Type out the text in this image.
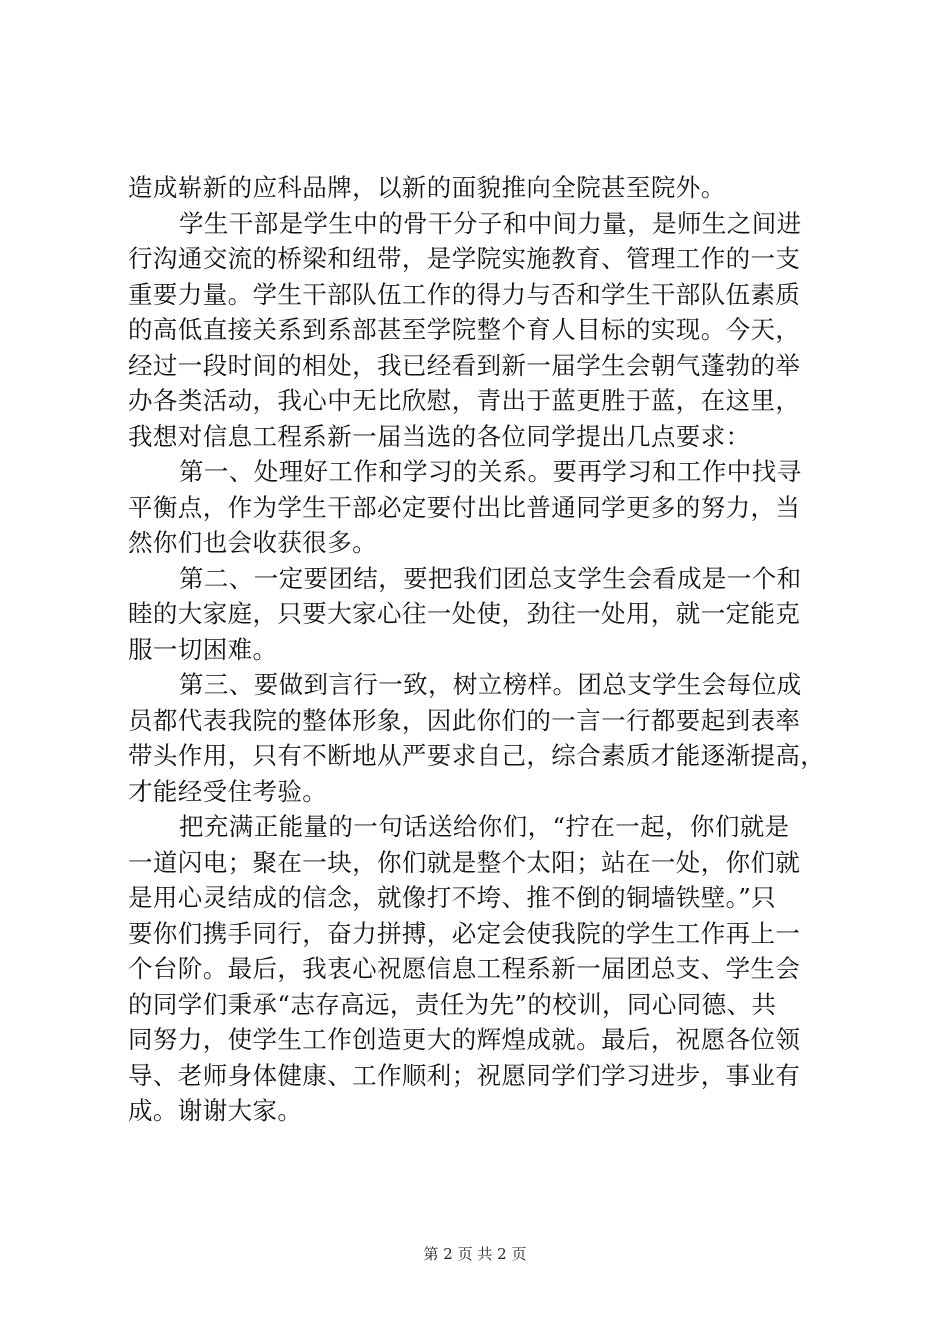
造成崭新的应科品牌，以新的面貌推向全院甚至院外。
学生干部是学生中的骨干分子和中间力量，是师生之间进
行沟通交流的桥梁和纽带，是学院实施教育、管理工作的一支
重要力量。学生干部队伍工作的得力与否和学生干部队伍素质
的高低直接关系到系部甚至学院整个育人目标的实现。今天，
经过一段时间的相处，我已经看到新一届学生会朝气蓬勃的举
办各类活动，我心中无比欣慰，青出于蓝更胜于蓝，在这里，
我想对信息工程系新一届当选的各位同学提出几点要求：
第一、处理好工作和学习的关系。要再学习和工作中找寻
平衡点，作为学生干部必定要付出比普通同学更多的努力，当
然你们也会收获很多。
第二、一定要团结，要把我们团总支学生会看成是一个和
睦的大家庭，只要大家心往一处使，劲往一处用，就一定能克
服一切困难。
第三、要做到言行一致，树立榜样。团总支学生会每位成
员都代表我院的整体形象，因此你们的一言一行都要起到表率
带头作用，只有不断地从严要求自己，综合素质才能逐渐提高，
才能经受住考验。
把充满正能量的一句话送给你们，“拧在一起，你们就是
一道闪电；聚在一块，你们就是整个太阳；站在一处，你们就
是用心灵结成的信念，就像打不垮、推不倒的铜墙铁壁。”只
要你们携手同行，奋力拼搏，必定会使我院的学生工作再上一
个台阶。最后，我衷心祝愿信息工程系新一届团总支、学生会
的同学们秉承“志存高远，责任为先”的校训，同心同德、共
同努力，使学生工作创造更大的辉煌成就。最后，祝愿各位领
导、老师身体健康、工作顺利；祝愿同学们学习进步，事业有
成。谢谢大家。
第 2 页 共 2 页
